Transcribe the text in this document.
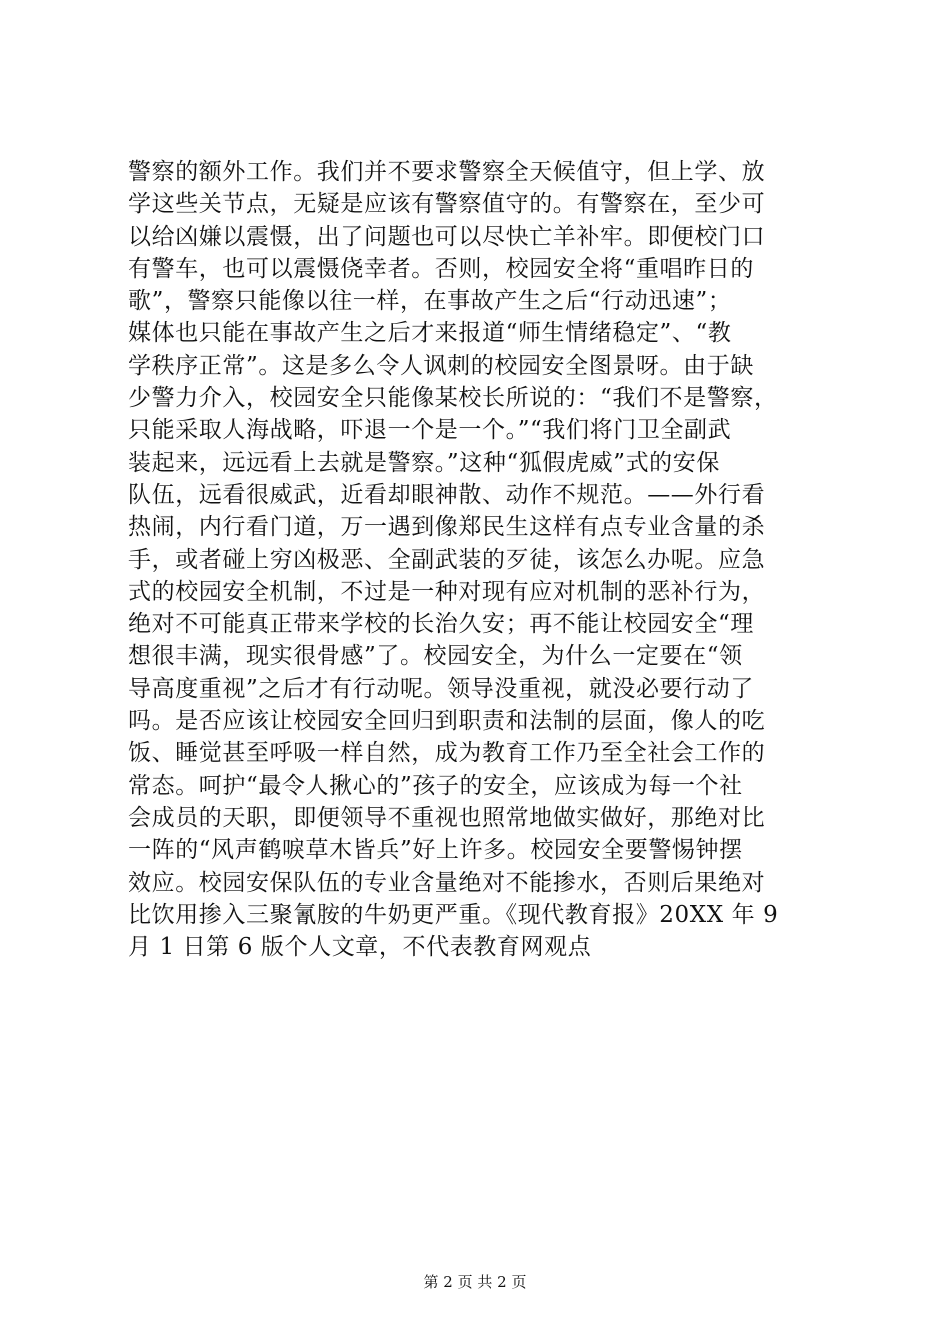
警察的额外工作。我们并不要求警察全天候值守，但上学、放
学这些关节点，无疑是应该有警察值守的。有警察在，至少可
以给凶嫌以震慑，出了问题也可以尽快亡羊补牢。即便校门口
有警车，也可以震慑侥幸者。否则，校园安全将“重唱昨日的
歌”，警察只能像以往一样，在事故产生之后“行动迅速”；
媒体也只能在事故产生之后才来报道“师生情绪稳定”、“教
学秩序正常”。这是多么令人讽刺的校园安全图景呀。由于缺
少警力介入，校园安全只能像某校长所说的：“我们不是警察，
只能采取人海战略，吓退一个是一个。”“我们将门卫全副武
装起来，远远看上去就是警察。”这种“狐假虎威”式的安保
队伍，远看很威武，近看却眼神散、动作不规范。——外行看
热闹，内行看门道，万一遇到像郑民生这样有点专业含量的杀
手，或者碰上穷凶极恶、全副武装的歹徒，该怎么办呢。应急
式的校园安全机制，不过是一种对现有应对机制的恶补行为，
绝对不可能真正带来学校的长治久安；再不能让校园安全“理
想很丰满，现实很骨感”了。校园安全，为什么一定要在“领
导高度重视”之后才有行动呢。领导没重视，就没必要行动了
吗。是否应该让校园安全回归到职责和法制的层面，像人的吃
饭、睡觉甚至呼吸一样自然，成为教育工作乃至全社会工作的
常态。呵护“最令人揪心的”孩子的安全，应该成为每一个社
会成员的天职，即便领导不重视也照常地做实做好，那绝对比
一阵的“风声鹤唳草木皆兵”好上许多。校园安全要警惕钟摆
效应。校园安保队伍的专业含量绝对不能掺水，否则后果绝对
比饮用掺入三聚氰胺的牛奶更严重。《现代教育报》20XX 年 9
月 1 日第 6 版个人文章，不代表教育网观点
第 2 页 共 2 页
